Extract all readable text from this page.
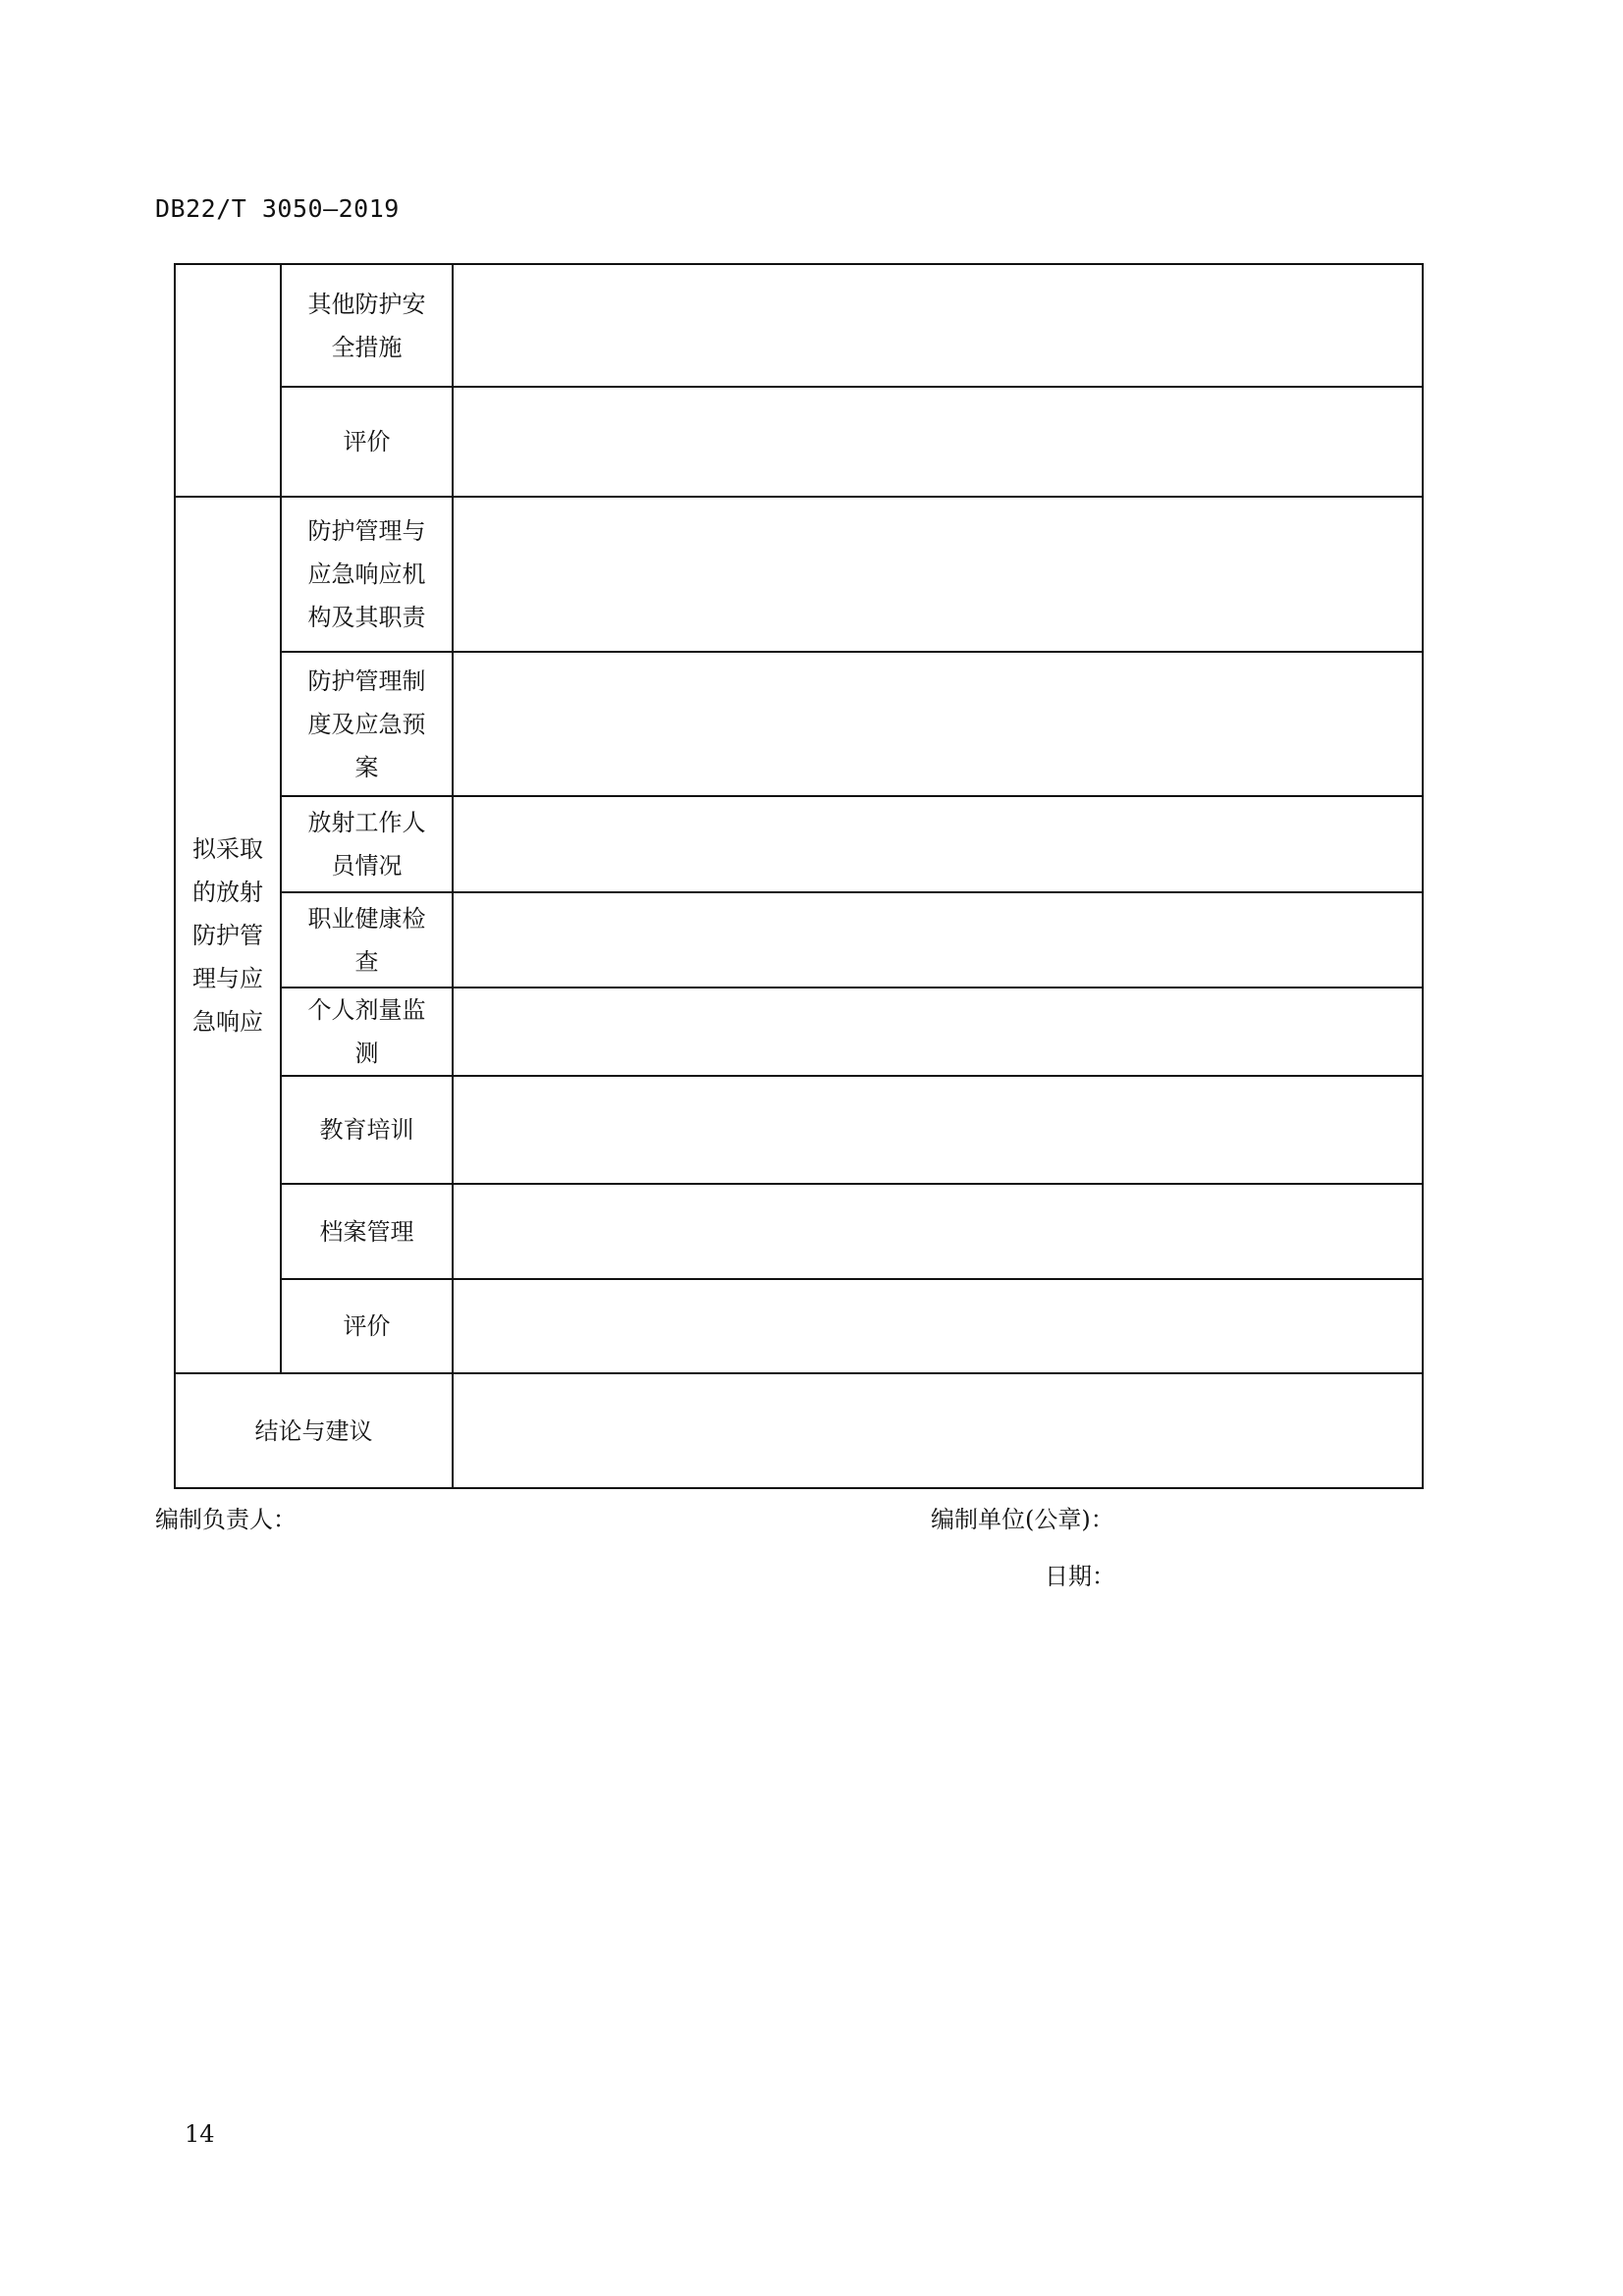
DB22/T 3050—2019
	其他防护安全措施	
	评价	
拟采取的放射防护管理与应急响应	防护管理与应急响应机构及其职责	
	防护管理制度及应急预案	
	放射工作人员情况	
	职业健康检查	
	个人剂量监测	
	教育培训	
	档案管理	
	评价	
结论与建议		
编制负责人：	编制单位(公章)：
日期：
14
